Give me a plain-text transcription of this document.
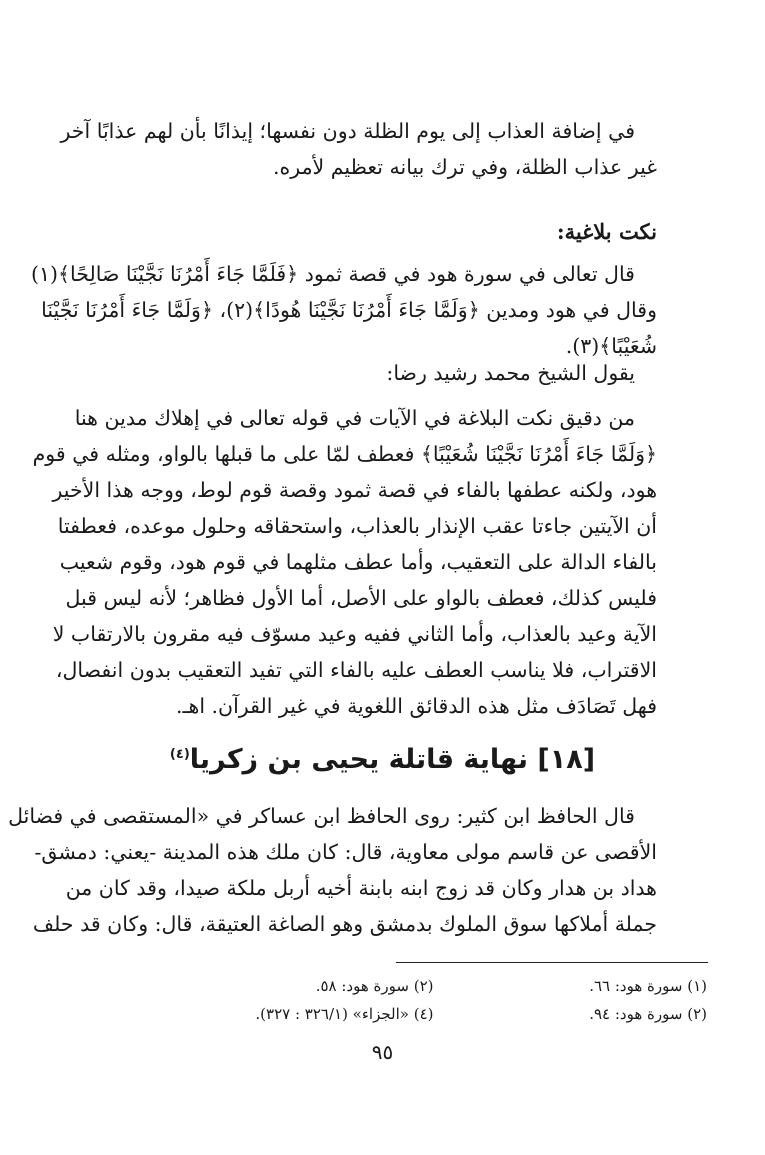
في إضافة العذاب إلى يوم الظلة دون نفسها؛ إيذانًا بأن لهم عذابًا آخر
غير عذاب الظلة، وفي ترك بيانه تعظيم لأمره.
نكت بلاغية:
قال تعالى في سورة هود في قصة ثمود ﴿فَلَمَّا جَاءَ أَمْرُنَا نَجَّيْنَا صَالِحًا﴾(١)
وقال في هود ومدين ﴿وَلَمَّا جَاءَ أَمْرُنَا نَجَّيْنَا هُودًا﴾(٢)، ﴿وَلَمَّا جَاءَ أَمْرُنَا نَجَّيْنَا
شُعَيْبًا﴾(٣).
يقول الشيخ محمد رشيد رضا:
من دقيق نكت البلاغة في الآيات في قوله تعالى في إهلاك مدين هنا
﴿وَلَمَّا جَاءَ أَمْرُنَا نَجَّيْنَا شُعَيْبًا﴾ فعطف لمّا على ما قبلها بالواو، ومثله في قوم
هود، ولكنه عطفها بالفاء في قصة ثمود وقصة قوم لوط، ووجه هذا الأخير
أن الآيتين جاءتا عقب الإنذار بالعذاب، واستحقاقه وحلول موعده، فعطفتا
بالفاء الدالة على التعقيب، وأما عطف مثلهما في قوم هود، وقوم شعيب
فليس كذلك، فعطف بالواو على الأصل، أما الأول فظاهر؛ لأنه ليس قبل
الآية وعيد بالعذاب، وأما الثاني ففيه وعيد مسوّف فيه مقرون بالارتقاب لا
الاقتراب، فلا يناسب العطف عليه بالفاء التي تفيد التعقيب بدون انفصال،
فهل تَصَادَف مثل هذه الدقائق اللغوية في غير القرآن. اهـ.
[١٨] نهاية قاتلة يحيى بن زكريا$^{(٤)}$
قال الحافظ ابن كثير: روى الحافظ ابن عساكر في «المستقصى في فضائل
الأقصى عن قاسم مولى معاوية، قال: كان ملك هذه المدينة -يعني: دمشق-
هداد بن هدار وكان قد زوج ابنه بابنة أخيه أربل ملكة صيدا، وقد كان من
جملة أملاكها سوق الملوك بدمشق وهو الصاغة العتيقة، قال: وكان قد حلف
(١) سورة هود: ٦٦.
(٢) سورة هود: ٥٨.
(٢) سورة هود: ٩٤.
(٤) «الجزاء» (٣٢٦/١ : ٣٢٧).
٩٥
